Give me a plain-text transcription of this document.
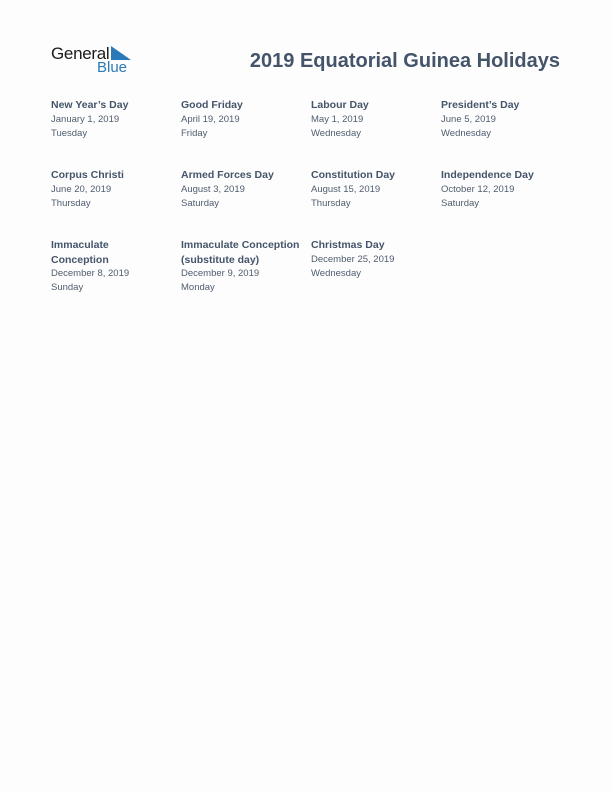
General
Blue	2019 Equatorial Guinea Holidays
New Year’s Day
January 1, 2019
Tuesday
Good Friday
April 19, 2019
Friday
Labour Day
May 1, 2019
Wednesday
President’s Day
June 5, 2019
Wednesday
Corpus Christi
June 20, 2019
Thursday
Armed Forces Day
August 3, 2019
Saturday
Constitution Day
August 15, 2019
Thursday
Independence Day
October 12, 2019
Saturday
Immaculate Conception
December 8, 2019
Sunday
Immaculate Conception (substitute day)
December 9, 2019
Monday
Christmas Day
December 25, 2019
Wednesday
